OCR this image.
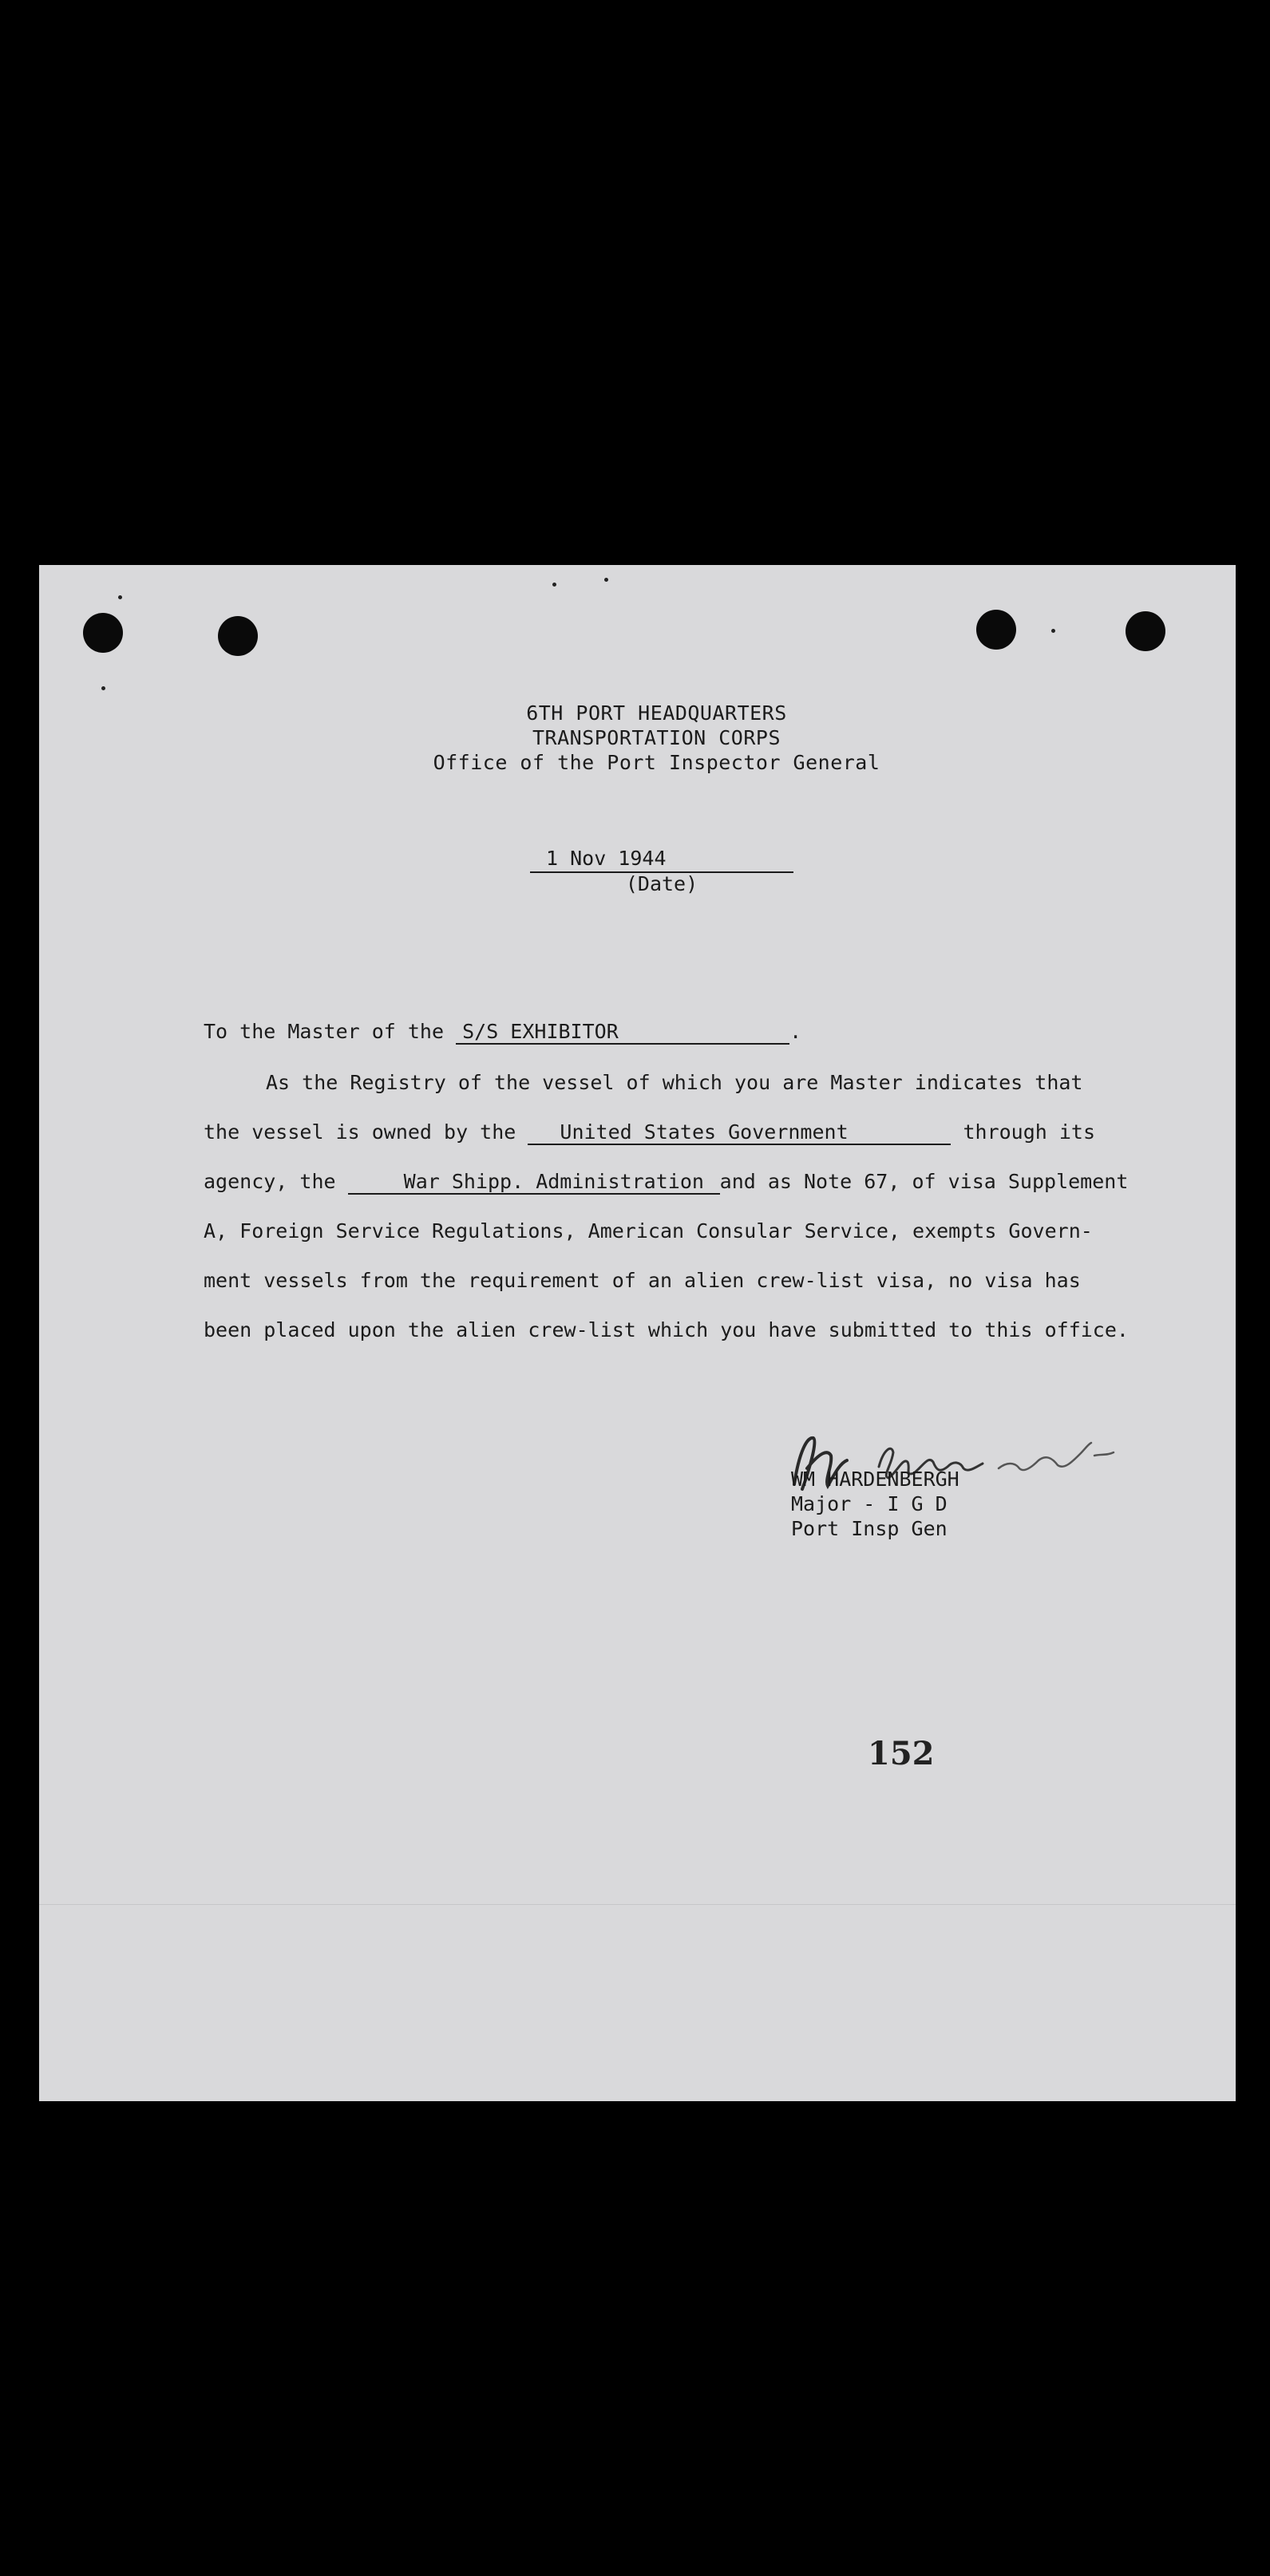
6TH PORT HEADQUARTERS
TRANSPORTATION CORPS
Office of the Port Inspector General
1 Nov 1944
(Date)
To the Master of the S/S EXHIBITOR	.
As the Registry of the vessel of which you are Master indicates that
the vessel is owned by the United States Government	through its
agency, the	War Shipp. Administration and as Note 67, of visa Supplement
A, Foreign Service Regulations, American Consular Service, exempts Govern-
ment vessels from the requirement of an alien crew-list visa, no visa has
been placed upon the alien crew-list which you have submitted to this office.
WM HARDENBERGH
Major - I G D
Port Insp Gen
152
